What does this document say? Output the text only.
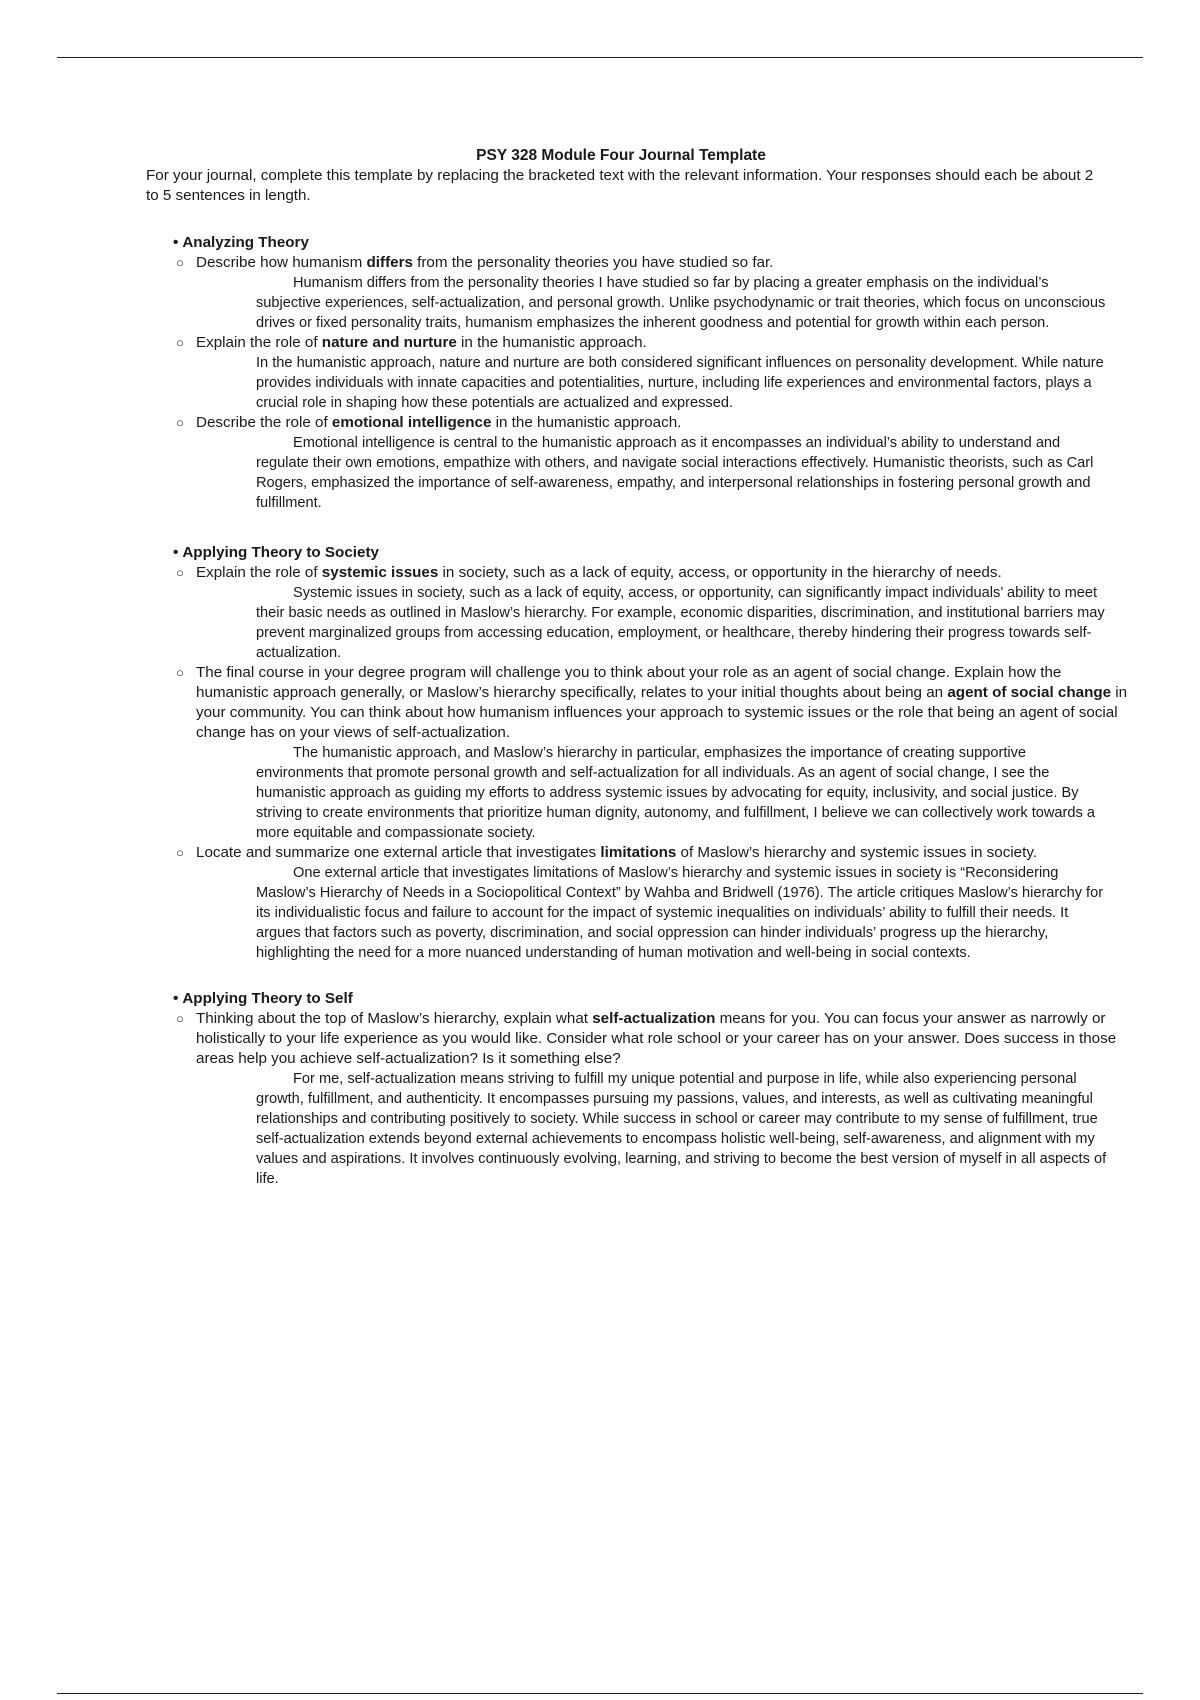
PSY 328 Module Four Journal Template

For your journal, complete this template by replacing the bracketed text with the relevant information. Your responses should each be about 2 to 5 sentences in length.

• Analyzing Theory

○ Describe how humanism differs from the personality theories you have studied so far.

Humanism differs from the personality theories I have studied so far by placing a greater emphasis on the individual’s subjective experiences, self-actualization, and personal growth. Unlike psychodynamic or trait theories, which focus on unconscious drives or fixed personality traits, humanism emphasizes the inherent goodness and potential for growth within each person.

○ Explain the role of nature and nurture in the humanistic approach.

In the humanistic approach, nature and nurture are both considered significant influences on personality development. While nature provides individuals with innate capacities and potentialities, nurture, including life experiences and environmental factors, plays a crucial role in shaping how these potentials are actualized and expressed.

○ Describe the role of emotional intelligence in the humanistic approach.

Emotional intelligence is central to the humanistic approach as it encompasses an individual’s ability to understand and regulate their own emotions, empathize with others, and navigate social interactions effectively. Humanistic theorists, such as Carl Rogers, emphasized the importance of self-awareness, empathy, and interpersonal relationships in fostering personal growth and fulfillment.

• Applying Theory to Society

○ Explain the role of systemic issues in society, such as a lack of equity, access, or opportunity in the hierarchy of needs.

Systemic issues in society, such as a lack of equity, access, or opportunity, can significantly impact individuals’ ability to meet their basic needs as outlined in Maslow’s hierarchy. For example, economic disparities, discrimination, and institutional barriers may prevent marginalized groups from accessing education, employment, or healthcare, thereby hindering their progress towards self-actualization.

○ The final course in your degree program will challenge you to think about your role as an agent of social change. Explain how the humanistic approach generally, or Maslow’s hierarchy specifically, relates to your initial thoughts about being an agent of social change in your community. You can think about how humanism influences your approach to systemic issues or the role that being an agent of social change has on your views of self-actualization.

The humanistic approach, and Maslow’s hierarchy in particular, emphasizes the importance of creating supportive environments that promote personal growth and self-actualization for all individuals. As an agent of social change, I see the humanistic approach as guiding my efforts to address systemic issues by advocating for equity, inclusivity, and social justice. By striving to create environments that prioritize human dignity, autonomy, and fulfillment, I believe we can collectively work towards a more equitable and compassionate society.

○ Locate and summarize one external article that investigates limitations of Maslow’s hierarchy and systemic issues in society.

One external article that investigates limitations of Maslow’s hierarchy and systemic issues in society is “Reconsidering Maslow’s Hierarchy of Needs in a Sociopolitical Context” by Wahba and Bridwell (1976). The article critiques Maslow’s hierarchy for its individualistic focus and failure to account for the impact of systemic inequalities on individuals’ ability to fulfill their needs. It argues that factors such as poverty, discrimination, and social oppression can hinder individuals’ progress up the hierarchy, highlighting the need for a more nuanced understanding of human motivation and well-being in social contexts.

• Applying Theory to Self

○ Thinking about the top of Maslow’s hierarchy, explain what self-actualization means for you. You can focus your answer as narrowly or holistically to your life experience as you would like. Consider what role school or your career has on your answer. Does success in those areas help you achieve self-actualization? Is it something else?

For me, self-actualization means striving to fulfill my unique potential and purpose in life, while also experiencing personal growth, fulfillment, and authenticity. It encompasses pursuing my passions, values, and interests, as well as cultivating meaningful relationships and contributing positively to society. While success in school or career may contribute to my sense of fulfillment, true self-actualization extends beyond external achievements to encompass holistic well-being, self-awareness, and alignment with my values and aspirations. It involves continuously evolving, learning, and striving to become the best version of myself in all aspects of life.
